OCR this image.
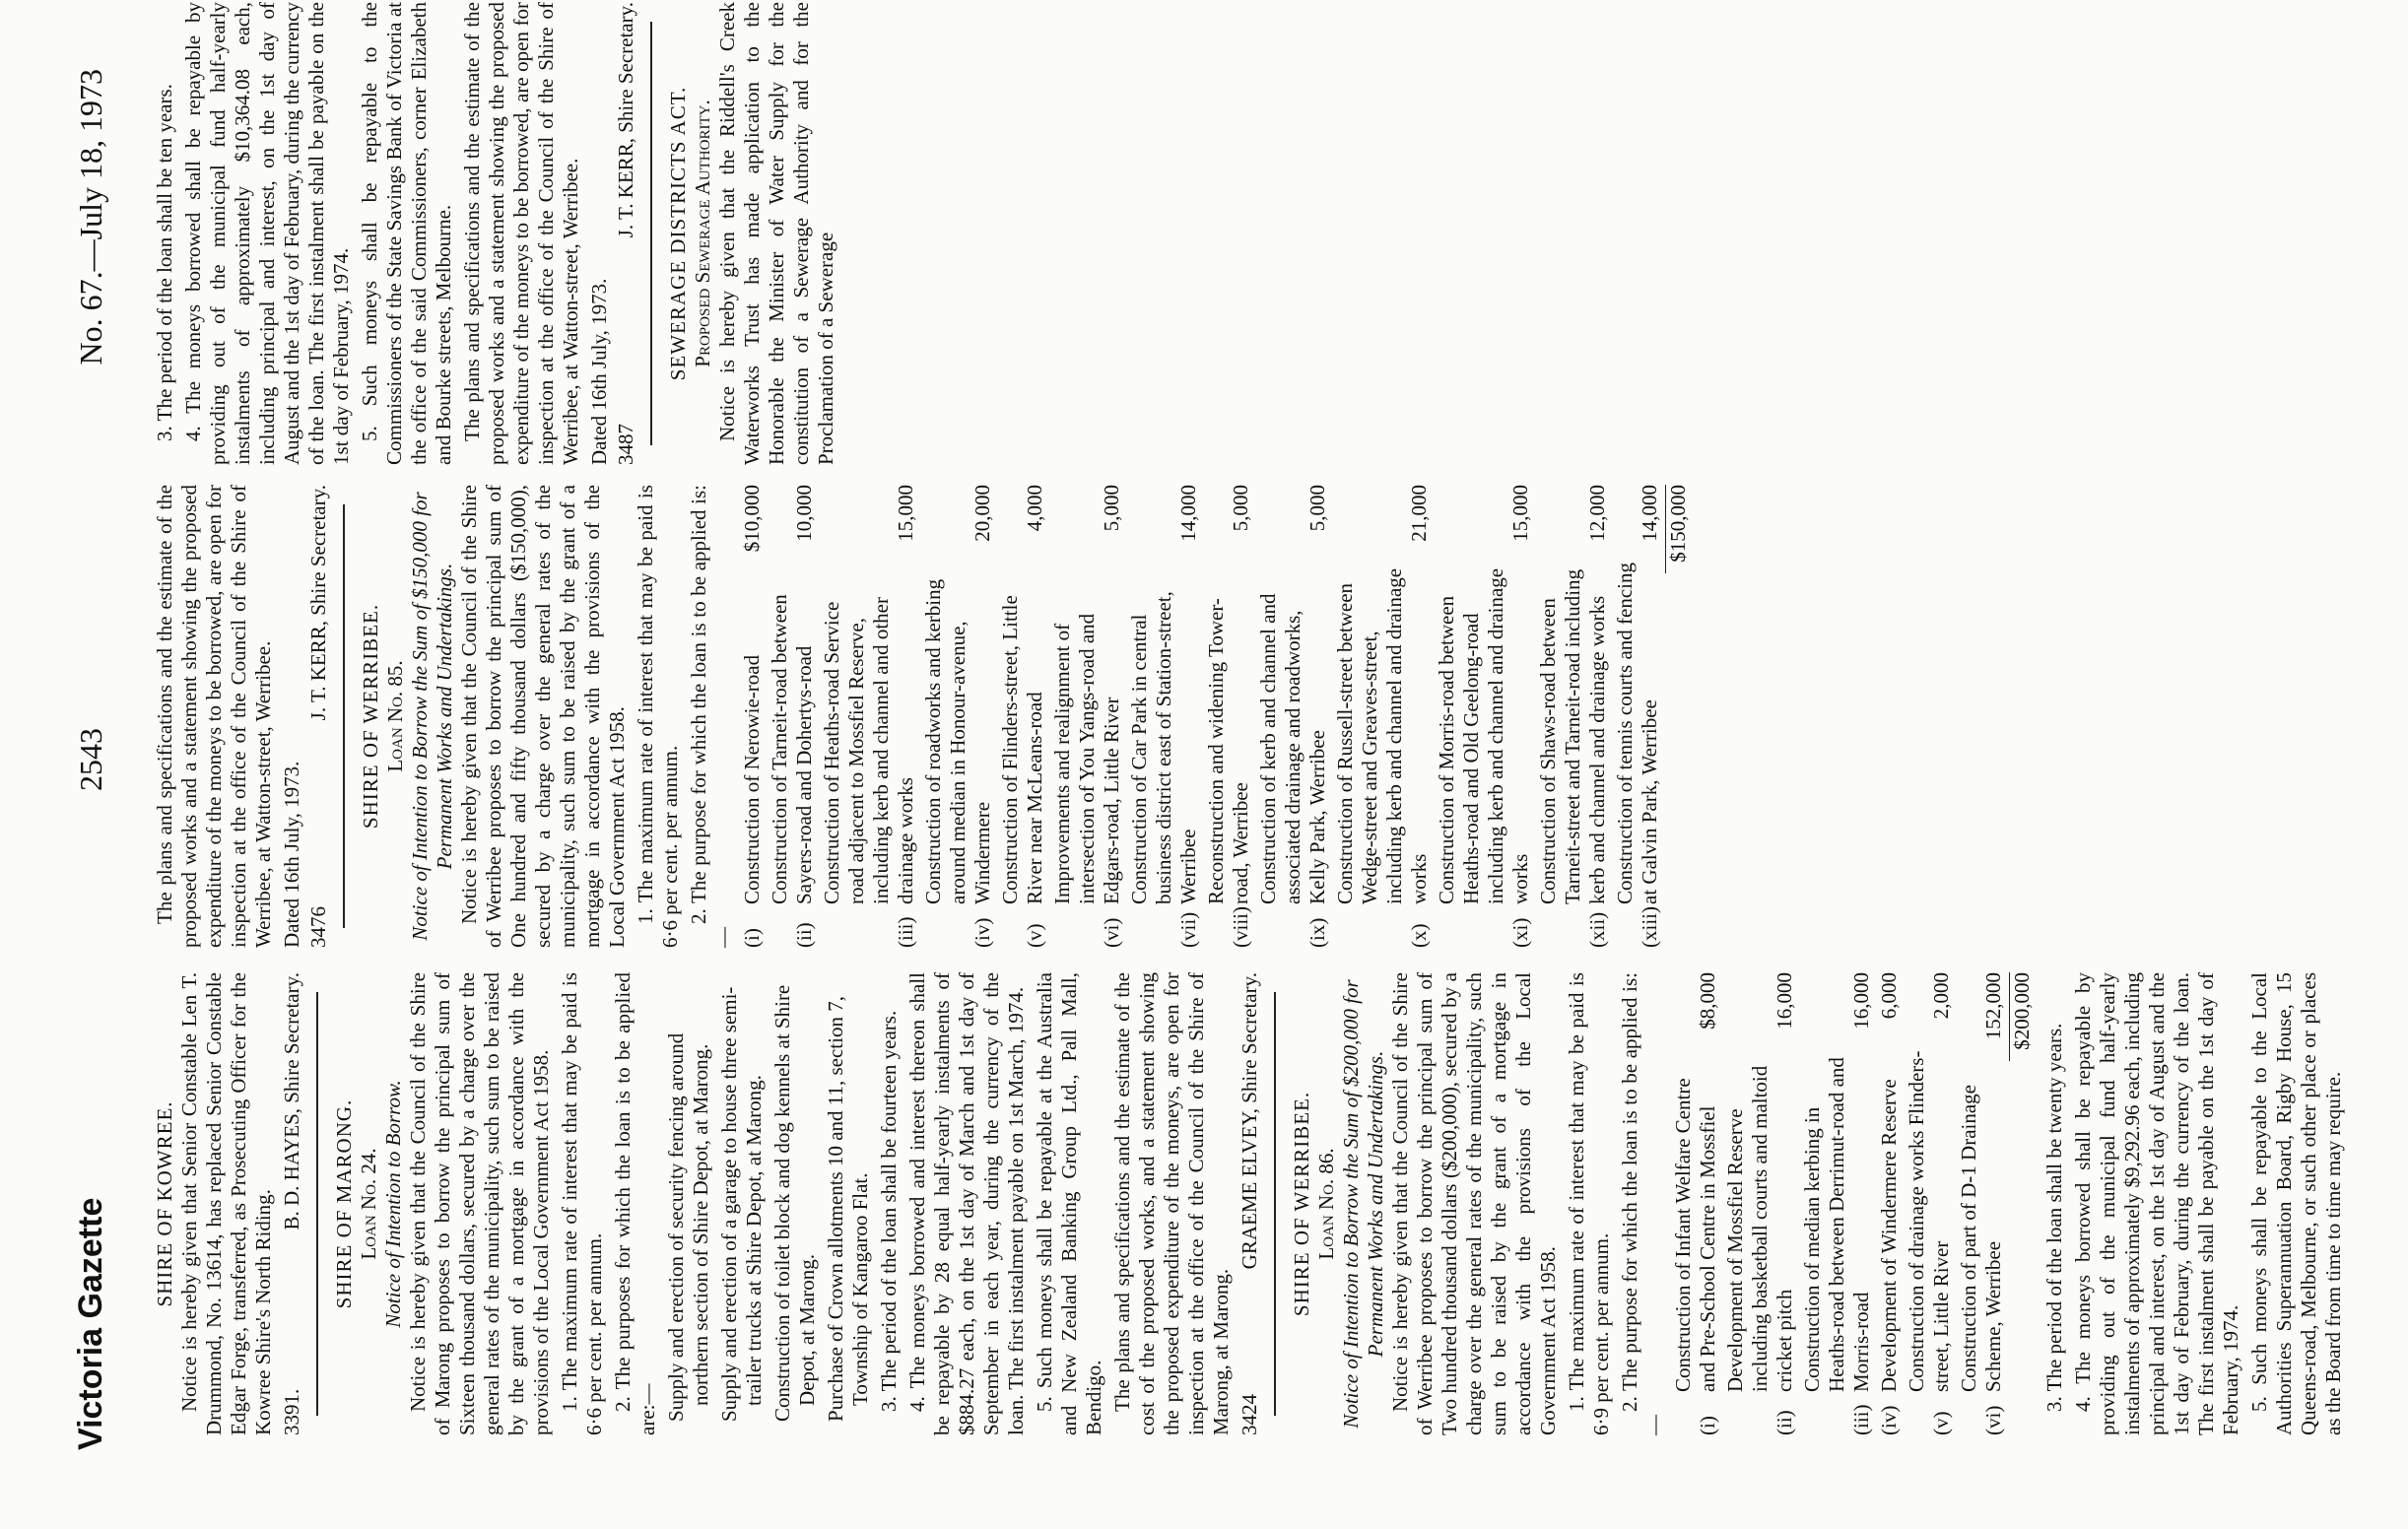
Victoria Gazette
2543
No. 67.—July 18, 1973
SHIRE OF KOWREE. Notice is hereby given that Senior Constable Len T. Drummond, No. 13614, has replaced Senior Constable Edgar Forge, transferred, as Prosecuting Officer for the Kowree Shire's North Riding. 3391.
B. D. HAYES, Shire Secretary. SHIRE OF MARONG. Loan No. 24. Notice of Intention to Borrow. Notice is hereby given that the Council of the Shire of Marong proposes to borrow the principal sum of Sixteen thousand dollars, secured by a charge over the general rates of the municipality, such sum to be raised by the grant of a mortgage in accordance with the provisions of the Local Government Act 1958. 1. The maximum rate of interest that may be paid is 6·6 per cent. per annum. 2. The purposes for which the loan is to be applied are:— Supply and erection of security fencing around northern section of Shire Depot, at Marong. Supply and erection of a garage to house three semi-trailer trucks at Shire Depot, at Marong. Construction of toilet block and dog kennels at Shire Depot, at Marong. Purchase of Crown allotments 10 and 11, section 7, Township of Kangaroo Flat. 3. The period of the loan shall be fourteen years. 4. The moneys borrowed and interest thereon shall be repayable by 28 equal half-yearly instalments of $884.27 each, on the 1st day of March and 1st day of September in each year, during the currency of the loan. The first instalment payable on 1st March, 1974. 5. Such moneys shall be repayable at the Australia and New Zealand Banking Group Ltd., Pall Mall, Bendigo. The plans and specifications and the estimate of the cost of the proposed works, and a statement showing the proposed expenditure of the moneys, are open for inspection at the office of the Council of the Shire of Marong, at Marong. 3424
GRAEME ELVEY, Shire Secretary. SHIRE OF WERRIBEE. Loan No. 86. Notice of Intention to Borrow the Sum of $200,000 for Permanent Works and Undertakings. Notice is hereby given that the Council of the Shire of Werribee proposes to borrow the principal sum of Two hundred thousand dollars ($200,000), secured by a charge over the general rates of the municipality, such sum to be raised by the grant of a mortgage in accordance with the provisions of the Local Government Act 1958. 1. The maximum rate of interest that may be paid is 6·9 per cent. per annum. 2. The purpose for which the loan is to be applied is:— (i)
Construction of Infant Welfare Centre and Pre-School Centre in Mossfiel
$8,000
(ii)
Development of Mossfiel Reserve including basketball courts and maltoid cricket pitch
16,000
(iii)
Construction of median kerbing in Heaths-road between Derrimut-road and Morris-road
16,000
(iv)
Development of Windermere Reserve
6,000
(v)
Construction of drainage works Flinders-street, Little River
2,000
(vi)
Construction of part of D-1 Drainage Scheme, Werribee
152,000 $200,000

3. The period of the loan shall be twenty years. 4. The moneys borrowed shall be repayable by providing out of the municipal fund half-yearly instalments of approximately $9,292.96 each, including principal and interest, on the 1st day of August and the 1st day of February, during the currency of the loan. The first instalment shall be payable on the 1st day of February, 1974. 5. Such moneys shall be repayable to the Local Authorities Superannuation Board, Rigby House, 15 Queens-road, Melbourne, or such other place or places as the Board from time to time may require.

The plans and specifications and the estimate of the proposed works and a statement showing the proposed expenditure of the moneys to be borrowed, are open for inspection at the office of the Council of the Shire of Werribee, at Watton-street, Werribee. Dated 16th July, 1973. 3476
J. T. KERR, Shire Secretary. SHIRE OF WERRIBEE. Loan No. 85. Notice of Intention to Borrow the Sum of $150,000 for Permanent Works and Undertakings. Notice is hereby given that the Council of the Shire of Werribee proposes to borrow the principal sum of One hundred and fifty thousand dollars ($150,000), secured by a charge over the general rates of the municipality, such sum to be raised by the grant of a mortgage in accordance with the provisions of the Local Government Act 1958. 1. The maximum rate of interest that may be paid is 6·6 per cent. per annum. 2. The purpose for which the loan is to be applied is:— (i)
Construction of Nerowie-road
$10,000
(ii)
Construction of Tarneit-road between Sayers-road and Dohertys-road
10,000
(iii)
Construction of Heaths-road Service road adjacent to Mossfiel Reserve, including kerb and channel and other drainage works
15,000
(iv)
Construction of roadworks and kerbing around median in Honour-avenue, Windermere
20,000
(v)
Construction of Flinders-street, Little River near McLeans-road
4,000
(vi)
Improvements and realignment of intersection of You Yangs-road and Edgars-road, Little River
5,000
(vii)
Construction of Car Park in central business district east of Station-street, Werribee
14,000
(viii)
Reconstruction and widening Tower-road, Werribee
5,000
(ix)
Construction of kerb and channel and associated drainage and roadworks, Kelly Park, Werribee
5,000
(x)
Construction of Russell-street between Wedge-street and Greaves-street, including kerb and channel and drainage works
21,000
(xi)
Construction of Morris-road between Heaths-road and Old Geelong-road including kerb and channel and drainage works
15,000
(xii)
Construction of Shaws-road between Tarneit-street and Tarneit-road including kerb and channel and drainage works
12,000
(xiii)
Construction of tennis courts and fencing at Galvin Park, Werribee
14,000 $150,000

3. The period of the loan shall be ten years. 4. The moneys borrowed shall be repayable by providing out of the municipal fund half-yearly instalments of approximately $10,364.08 each, including principal and interest, on the 1st day of August and the 1st day of February, during the currency of the loan. The first instalment shall be payable on the 1st day of February, 1974. 5. Such moneys shall be repayable to the Commissioners of the State Savings Bank of Victoria at the office of the said Commissioners, corner Elizabeth and Bourke streets, Melbourne. The plans and specifications and the estimate of the proposed works and a statement showing the proposed expenditure of the moneys to be borrowed, are open for inspection at the office of the Council of the Shire of Werribee, at Watton-street, Werribee. Dated 16th July, 1973. 3487
J. T. KERR, Shire Secretary. SEWERAGE DISTRICTS ACT. Proposed Sewerage Authority. Notice is hereby given that the Riddell's Creek Waterworks Trust has made application to the Honorable the Minister of Water Supply for the constitution of a Sewerage Authority and for the Proclamation of a Sewerage
